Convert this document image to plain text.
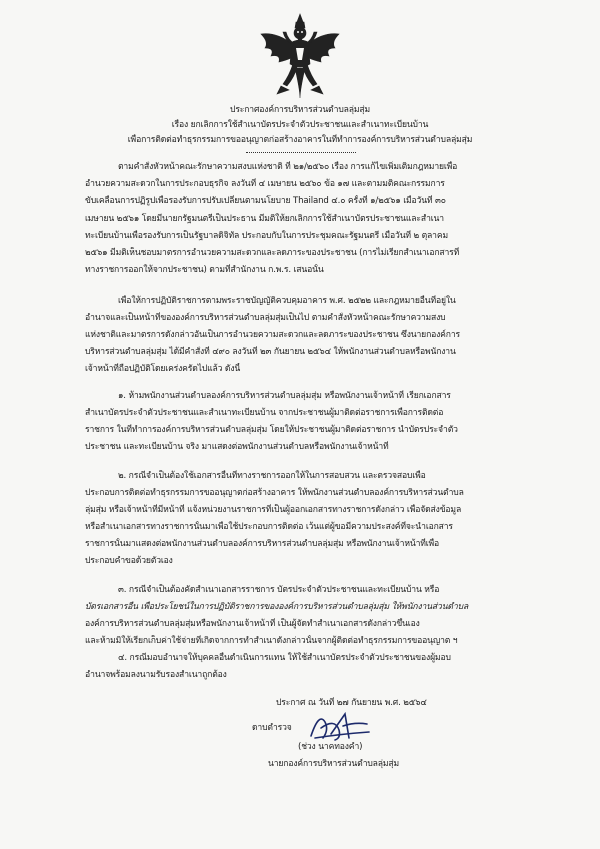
ประกาศองค์การบริหารส่วนตำบลลุ่มสุ่ม
เรื่อง ยกเลิกการใช้สำเนาบัตรประจำตัวประชาชนและสำเนาทะเบียนบ้าน
เพื่อการติดต่อทำธุรกรรมการขออนุญาตก่อสร้างอาคารในที่ทำการองค์การบริหารส่วนตำบลลุ่มสุ่ม
ตามคำสั่งหัวหน้าคณะรักษาความสงบแห่งชาติ ที่ ๒๑/๒๕๖๐ เรื่อง การแก้ไขเพิ่มเติมกฎหมายเพื่อ
อำนวยความสะดวกในการประกอบธุรกิจ ลงวันที่ ๔ เมษายน ๒๕๖๐ ข้อ ๑๗ และตามมติคณะกรรมการ
ขับเคลื่อนการปฏิรูปเพื่อรองรับการปรับเปลี่ยนตามนโยบาย Thailand ๔.๐ ครั้งที่ ๑/๒๕๖๑ เมื่อวันที่ ๓๐
เมษายน ๒๕๖๑ โดยมีนายกรัฐมนตรีเป็นประธาน มีมติให้ยกเลิกการใช้สำเนาบัตรประชาชนและสำเนา
ทะเบียนบ้านเพื่อรองรับการเป็นรัฐบาลดิจิทัล ประกอบกับในการประชุมคณะรัฐมนตรี เมื่อวันที่ ๒ ตุลาคม
๒๕๖๑ มีมติเห็นชอบมาตรการอำนวยความสะดวกและลดภาระของประชาชน (การไม่เรียกสำเนาเอกสารที่
ทางราชการออกให้จากประชาชน) ตามที่สำนักงาน ก.พ.ร. เสนอนั้น
เพื่อให้การปฏิบัติราชการตามพระราชบัญญัติควบคุมอาคาร พ.ศ. ๒๕๒๒ และกฎหมายอื่นที่อยู่ใน
อำนาจและเป็นหน้าที่ขององค์การบริหารส่วนตำบลลุ่มสุ่มเป็นไป ตามคำสั่งหัวหน้าคณะรักษาความสงบ
แห่งชาติและมาตรการดังกล่าวอันเป็นการอำนวยความสะดวกและลดภาระของประชาชน ซึ่งนายกองค์การ
บริหารส่วนตำบลลุ่มสุ่ม ได้มีคำสั่งที่ ๔๙๐ ลงวันที่ ๒๓ กันยายน ๒๕๖๔ ให้พนักงานส่วนตำบลหรือพนักงาน
เจ้าหน้าที่ถือปฏิบัติโดยเคร่งครัดไปแล้ว ดังนี้
๑. ห้ามพนักงานส่วนตำบลองค์การบริหารส่วนตำบลลุ่มสุ่ม หรือพนักงานเจ้าหน้าที่ เรียกเอกสาร
สำเนาบัตรประจำตัวประชาชนและสำเนาทะเบียนบ้าน จากประชาชนผู้มาติดต่อราชการเพื่อการติดต่อ
ราชการ ในที่ทำการองค์การบริหารส่วนตำบลลุ่มสุ่ม โดยให้ประชาชนผู้มาติดต่อราชการ นำบัตรประจำตัว
ประชาชน และทะเบียนบ้าน จริง มาแสดงต่อพนักงานส่วนตำบลหรือพนักงานเจ้าหน้าที่
๒. กรณีจำเป็นต้องใช้เอกสารอื่นที่ทางราชการออกให้ในการสอบสวน และตรวจสอบเพื่อ
ประกอบการติดต่อทำธุรกรรมการขออนุญาตก่อสร้างอาคาร ให้พนักงานส่วนตำบลองค์การบริหารส่วนตำบล
ลุ่มสุ่ม หรือเจ้าหน้าที่มีหน้าที่ แจ้งหน่วยงานราชการที่เป็นผู้ออกเอกสารทางราชการดังกล่าว เพื่อจัดส่งข้อมูล
หรือสำเนาเอกสารทางราชการนั้นมาเพื่อใช้ประกอบการติดต่อ เว้นแต่ผู้ขอมีความประสงค์ที่จะนำเอกสาร
ราชการนั้นมาแสดงต่อพนักงานส่วนตำบลองค์การบริหารส่วนตำบลลุ่มสุ่ม หรือพนักงานเจ้าหน้าที่เพื่อ
ประกอบคำขอด้วยตัวเอง
๓. กรณีจำเป็นต้องคัดสำเนาเอกสารราชการ บัตรประจำตัวประชาชนและทะเบียนบ้าน หรือ
บัตรเอกสารอื่น เพื่อประโยชน์ในการปฏิบัติราชการขององค์การบริหารส่วนตำบลลุ่มสุ่ม ให้พนักงานส่วนตำบล
องค์การบริหารส่วนตำบลลุ่มสุ่มหรือพนักงานเจ้าหน้าที่ เป็นผู้จัดทำสำเนาเอกสารดังกล่าวขึ้นเอง
และห้ามมิให้เรียกเก็บค่าใช้จ่ายที่เกิดจากการทำสำเนาดังกล่าวนั้นจากผู้ติดต่อทำธุรกรรมการขออนุญาต ฯ
๔. กรณีมอบอำนาจให้บุคคลอื่นดำเนินการแทน ให้ใช้สำเนาบัตรประจำตัวประชาชนของผู้มอบ
อำนาจพร้อมลงนามรับรองสำเนาถูกต้อง
ประกาศ ณ วันที่ ๒๗ กันยายน พ.ศ. ๒๕๖๔
ดาบตำรวจ
(ช่วง นาคทองคำ)
นายกองค์การบริหารส่วนตำบลลุ่มสุ่ม
